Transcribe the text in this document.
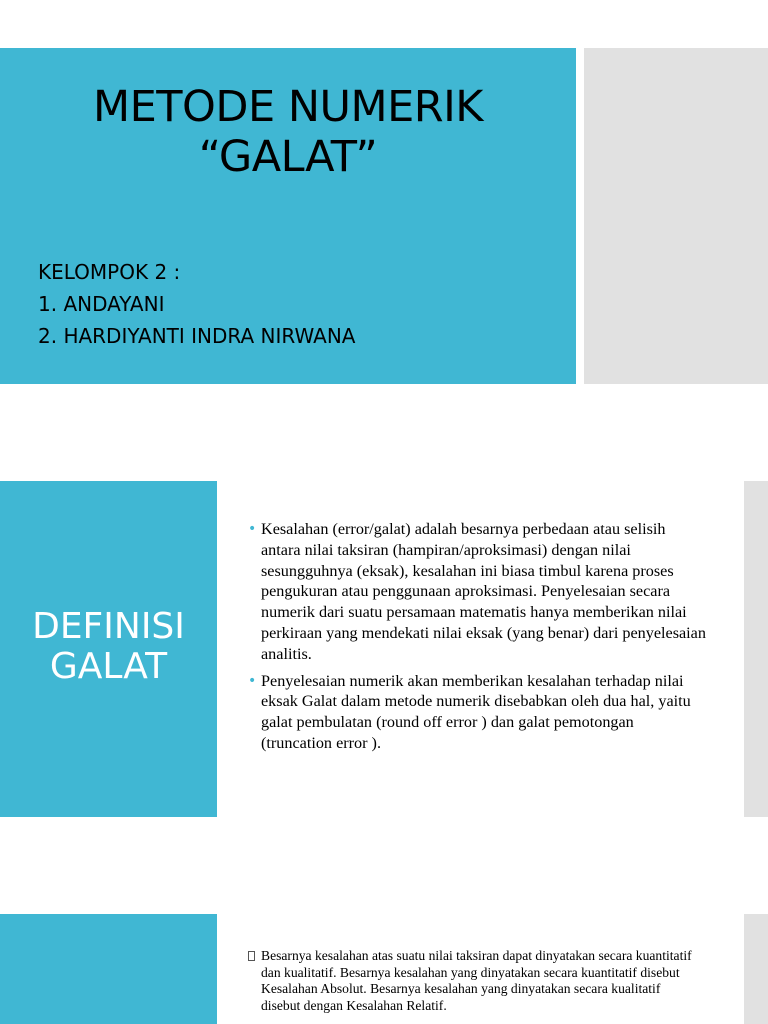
METODE NUMERIK
“GALAT”
KELOMPOK 2 :
1. ANDAYANI
2. HARDIYANTI INDRA NIRWANA
DEFINISI
GALAT
• Kesalahan (error/galat) adalah besarnya perbedaan atau selisih antara nilai taksiran (hampiran/aproksimasi) dengan nilai sesungguhnya (eksak), kesalahan ini biasa timbul karena proses pengukuran atau penggunaan aproksimasi. Penyelesaian secara numerik dari suatu persamaan matematis hanya memberikan nilai perkiraan yang mendekati nilai eksak (yang benar) dari penyelesaian analitis.
• Penyelesaian numerik akan memberikan kesalahan terhadap nilai eksak Galat dalam metode numerik disebabkan oleh dua hal, yaitu galat pembulatan (round off error ) dan galat pemotongan (truncation error ).
Besarnya kesalahan atas suatu nilai taksiran dapat dinyatakan secara kuantitatif dan kualitatif. Besarnya kesalahan yang dinyatakan secara kuantitatif disebut Kesalahan Absolut. Besarnya kesalahan yang dinyatakan secara kualitatif disebut dengan Kesalahan Relatif.
